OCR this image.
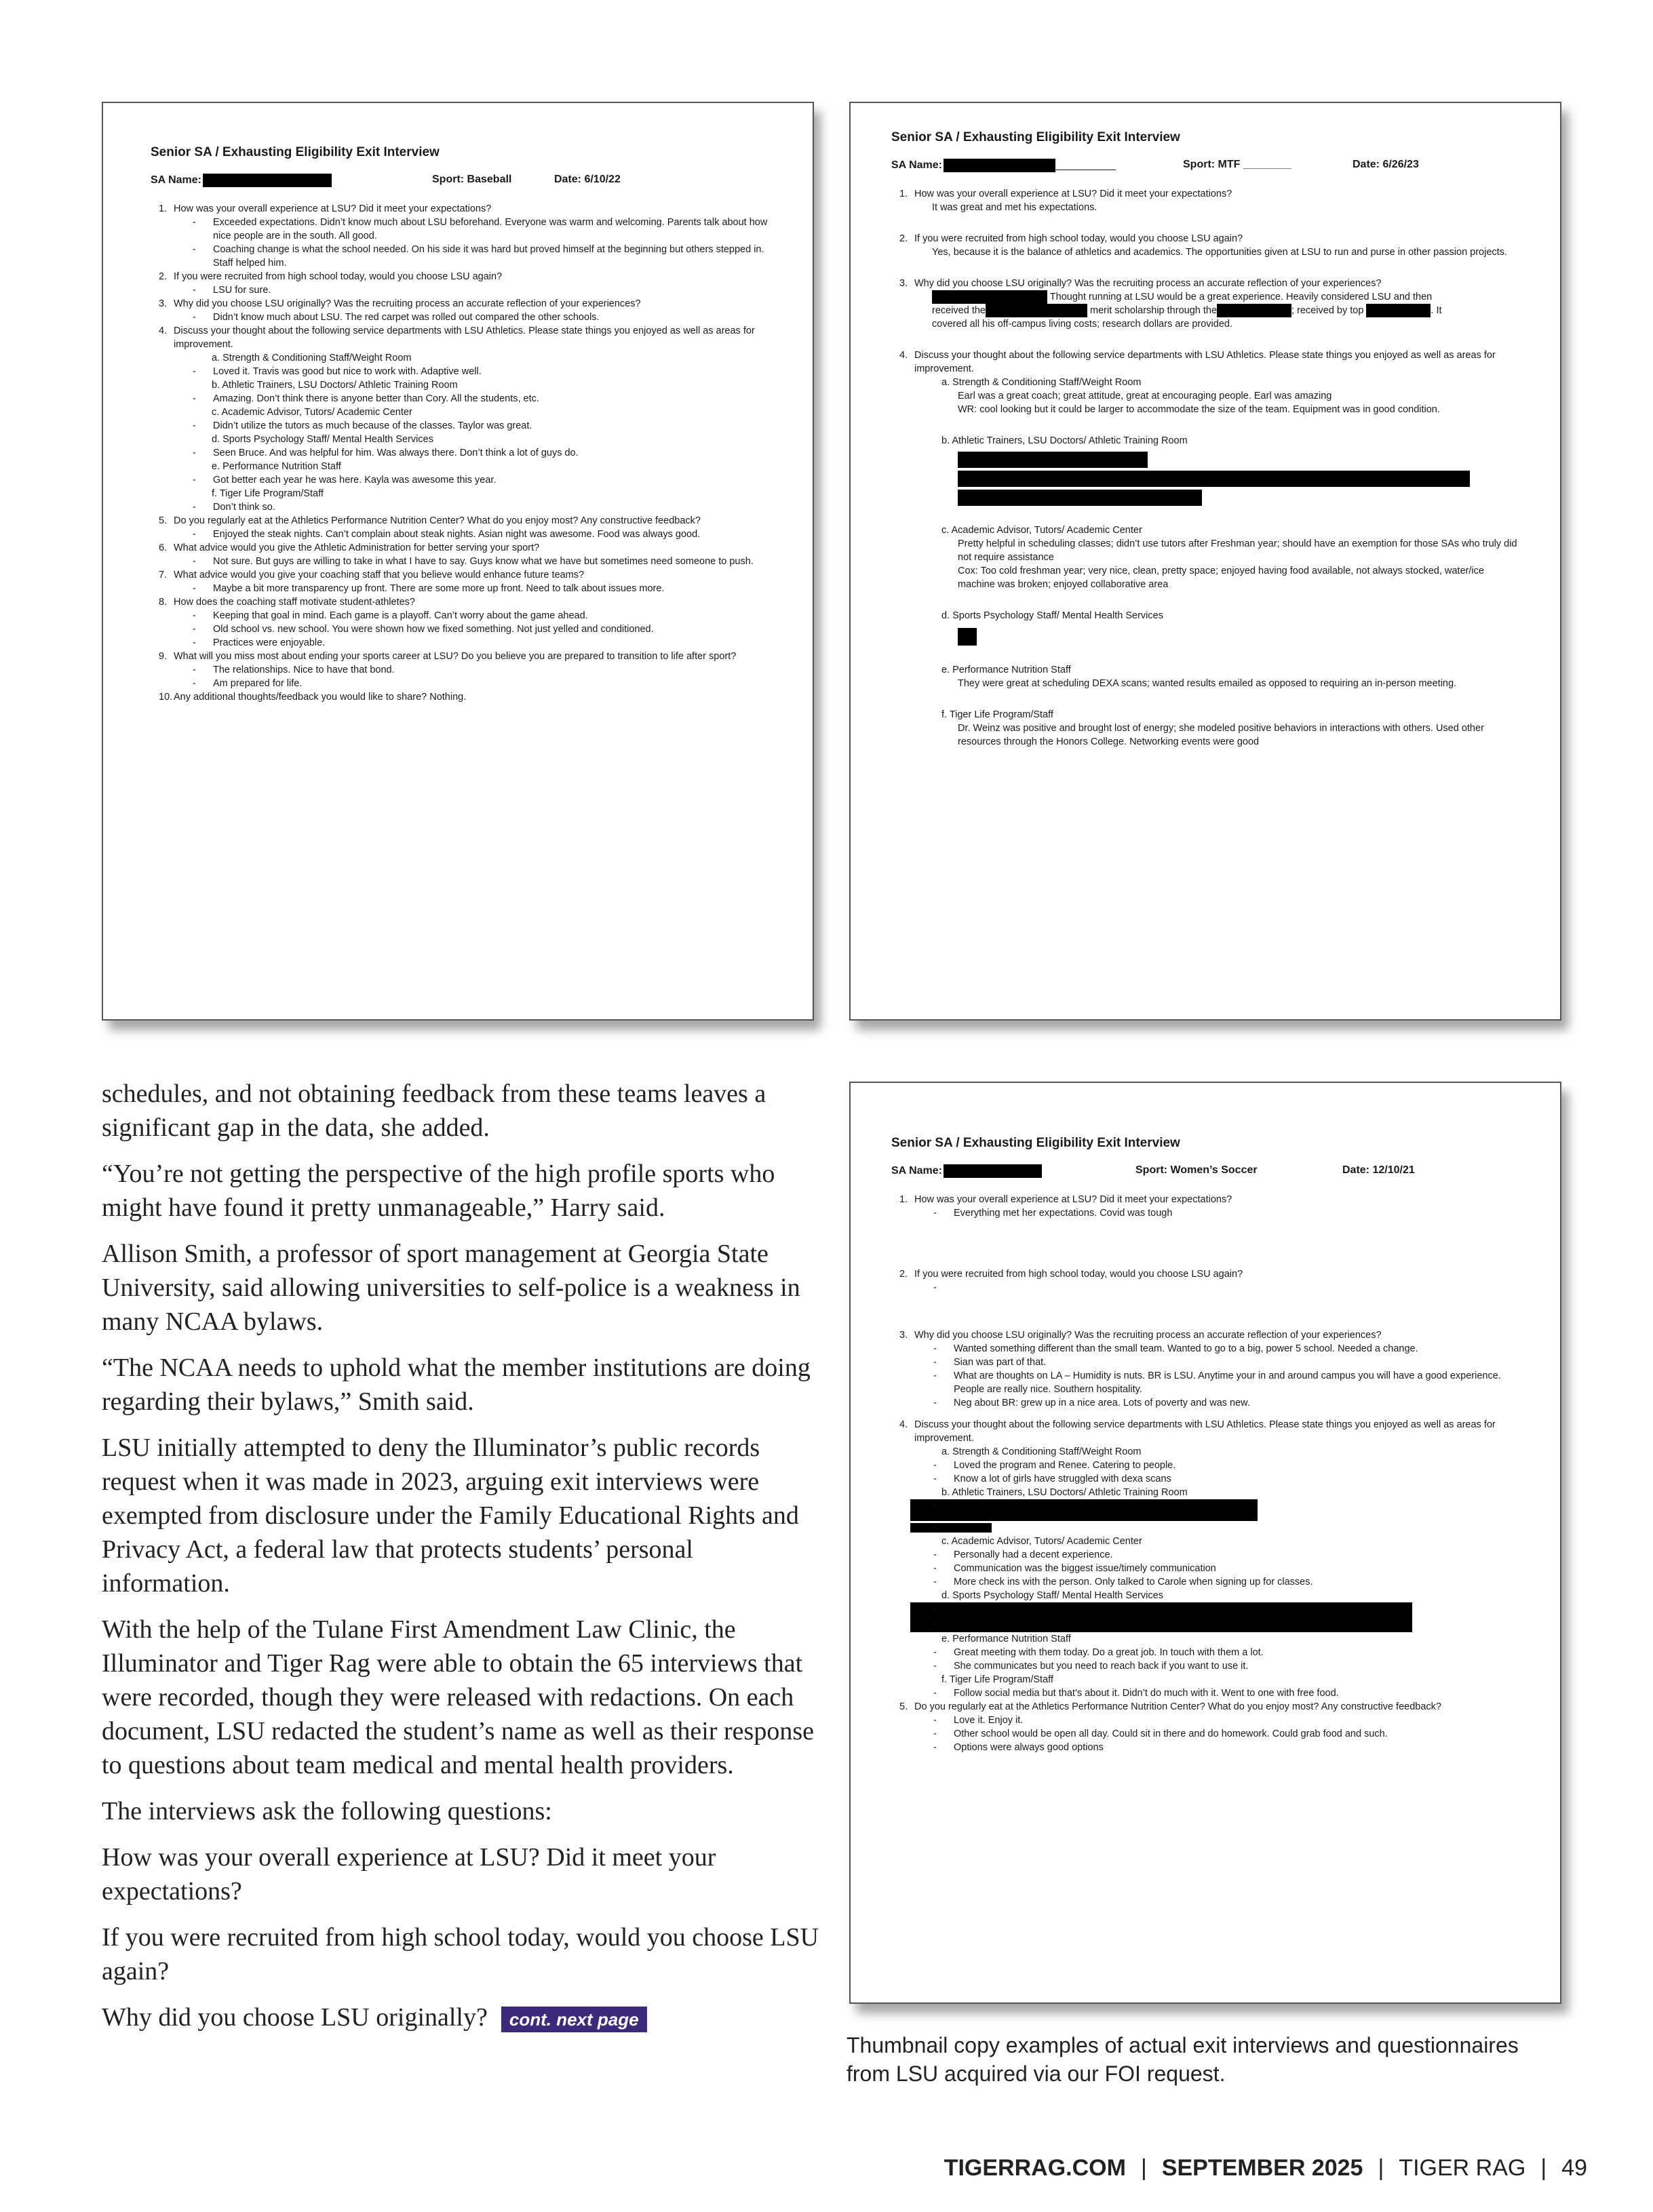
Senior SA / Exhausting Eligibility Exit Interview
SA Name:	Sport: Baseball	Date: 6/10/22

1. How was your overall experience at LSU? Did it meet your expectations?

- Exceeded expectations. Didn’t know much about LSU beforehand. Everyone was warm and welcoming. Parents talk about how nice people are in the south. All good.

- Coaching change is what the school needed. On his side it was hard but proved himself at the beginning but others stepped in. Staff helped him.

2. If you were recruited from high school today, would you choose LSU again?

- LSU for sure.

3. Why did you choose LSU originally? Was the recruiting process an accurate reflection of your experiences?

- Didn’t know much about LSU. The red carpet was rolled out compared the other schools.

4. Discuss your thought about the following service departments with LSU Athletics. Please state things you enjoyed as well as areas for improvement.

a. Strength & Conditioning Staff/Weight Room

- Loved it. Travis was good but nice to work with. Adaptive well.

b. Athletic Trainers, LSU Doctors/ Athletic Training Room

- Amazing. Don’t think there is anyone better than Cory. All the students, etc.

c. Academic Advisor, Tutors/ Academic Center

- Didn’t utilize the tutors as much because of the classes. Taylor was great.

d. Sports Psychology Staff/ Mental Health Services

- Seen Bruce. And was helpful for him. Was always there. Don’t think a lot of guys do.

e. Performance Nutrition Staff

- Got better each year he was here. Kayla was awesome this year.

f. Tiger Life Program/Staff

- Don’t think so.

5. Do you regularly eat at the Athletics Performance Nutrition Center? What do you enjoy most? Any constructive feedback?

- Enjoyed the steak nights. Can’t complain about steak nights. Asian night was awesome. Food was always good.

6. What advice would you give the Athletic Administration for better serving your sport?

- Not sure. But guys are willing to take in what I have to say. Guys know what we have but sometimes need someone to push.

7. What advice would you give your coaching staff that you believe would enhance future teams?

- Maybe a bit more transparency up front. There are some more up front. Need to talk about issues more.

8. How does the coaching staff motivate student-athletes?

- Keeping that goal in mind. Each game is a playoff. Can’t worry about the game ahead.

- Old school vs. new school. You were shown how we fixed something. Not just yelled and conditioned.

- Practices were enjoyable.

9. What will you miss most about ending your sports career at LSU? Do you believe you are prepared to transition to life after sport?

- The relationships. Nice to have that bond.

- Am prepared for life.

10. Any additional thoughts/feedback you would like to share? Nothing.

Senior SA / Exhausting Eligibility Exit Interview
SA Name:	__________	Sport: MTF ________	Date: 6/26/23

1. How was your overall experience at LSU? Did it meet your expectations?

It was great and met his expectations.

2. If you were recruited from high school today, would you choose LSU again?

Yes, because it is the balance of athletics and academics. The opportunities given at LSU to run and purse in other passion projects.

3. Why did you choose LSU originally? Was the recruiting process an accurate reflection of your experiences?

Thought running at LSU would be a great experience. Heavily considered LSU and then

received the	merit scholarship through the	; received by top	. It

covered all his off-campus living costs; research dollars are provided.

4. Discuss your thought about the following service departments with LSU Athletics. Please state things you enjoyed as well as areas for improvement.

a. Strength & Conditioning Staff/Weight Room

Earl was a great coach; great attitude, great at encouraging people. Earl was amazing

WR: cool looking but it could be larger to accommodate the size of the team. Equipment was in good condition.

b. Athletic Trainers, LSU Doctors/ Athletic Training Room

c. Academic Advisor, Tutors/ Academic Center

Pretty helpful in scheduling classes; didn’t use tutors after Freshman year; should have an exemption for those SAs who truly did not require assistance

Cox: Too cold freshman year; very nice, clean, pretty space; enjoyed having food available, not always stocked, water/ice machine was broken; enjoyed collaborative area

d. Sports Psychology Staff/ Mental Health Services

e. Performance Nutrition Staff

They were great at scheduling DEXA scans; wanted results emailed as opposed to requiring an in-person meeting.

f. Tiger Life Program/Staff

Dr. Weinz was positive and brought lost of energy; she modeled positive behaviors in interactions with others. Used other resources through the Honors College. Networking events were good

Senior SA / Exhausting Eligibility Exit Interview
SA Name:	Sport: Women’s Soccer	Date: 12/10/21

1. How was your overall experience at LSU? Did it meet your expectations?

- Everything met her expectations. Covid was tough

2. If you were recruited from high school today, would you choose LSU again?

-

3. Why did you choose LSU originally? Was the recruiting process an accurate reflection of your experiences?

- Wanted something different than the small team. Wanted to go to a big, power 5 school. Needed a change.

- Sian was part of that.

- What are thoughts on LA – Humidity is nuts. BR is LSU. Anytime your in and around campus you will have a good experience. People are really nice. Southern hospitality.

- Neg about BR: grew up in a nice area. Lots of poverty and was new.

4. Discuss your thought about the following service departments with LSU Athletics. Please state things you enjoyed as well as areas for improvement.

a. Strength & Conditioning Staff/Weight Room

- Loved the program and Renee. Catering to people.

- Know a lot of girls have struggled with dexa scans

b. Athletic Trainers, LSU Doctors/ Athletic Training Room

-

-

c. Academic Advisor, Tutors/ Academic Center

- Personally had a decent experience.

- Communication was the biggest issue/timely communication

- More check ins with the person. Only talked to Carole when signing up for classes.

d. Sports Psychology Staff/ Mental Health Services

-

-

e. Performance Nutrition Staff

- Great meeting with them today. Do a great job. In touch with them a lot.

- She communicates but you need to reach back if you want to use it.

f. Tiger Life Program/Staff

- Follow social media but that’s about it. Didn’t do much with it. Went to one with free food.

5. Do you regularly eat at the Athletics Performance Nutrition Center? What do you enjoy most? Any constructive feedback?

- Love it. Enjoy it.

- Other school would be open all day. Could sit in there and do homework. Could grab food and such.

- Options were always good options

schedules, and not obtaining feedback from these teams leaves a significant gap in the data, she added.

“You’re not getting the perspective of the high profile sports who might have found it pretty unmanageable,” Harry said.

Allison Smith, a professor of sport management at Georgia State University, said allowing universities to self-police is a weakness in many NCAA bylaws.

“The NCAA needs to uphold what the member institutions are doing regarding their bylaws,” Smith said.

LSU initially attempted to deny the Illuminator’s public records request when it was made in 2023, arguing exit interviews were exempted from disclosure under the Family Educational Rights and Privacy Act, a federal law that protects students’ personal information.

With the help of the Tulane First Amendment Law Clinic, the Illuminator and Tiger Rag were able to obtain the 65 interviews that were recorded, though they were released with redactions. On each document, LSU redacted the student’s name as well as their response to questions about team medical and mental health providers.

The interviews ask the following questions:

How was your overall experience at LSU? Did it meet your expectations?

If you were recruited from high school today, would you choose LSU again?

Why did you choose LSU originally? cont. next page

Thumbnail copy examples of actual exit interviews and questionnaires from LSU acquired via our FOI request.

TIGERRAG.COM | SEPTEMBER 2025 | TIGER RAG | 49
